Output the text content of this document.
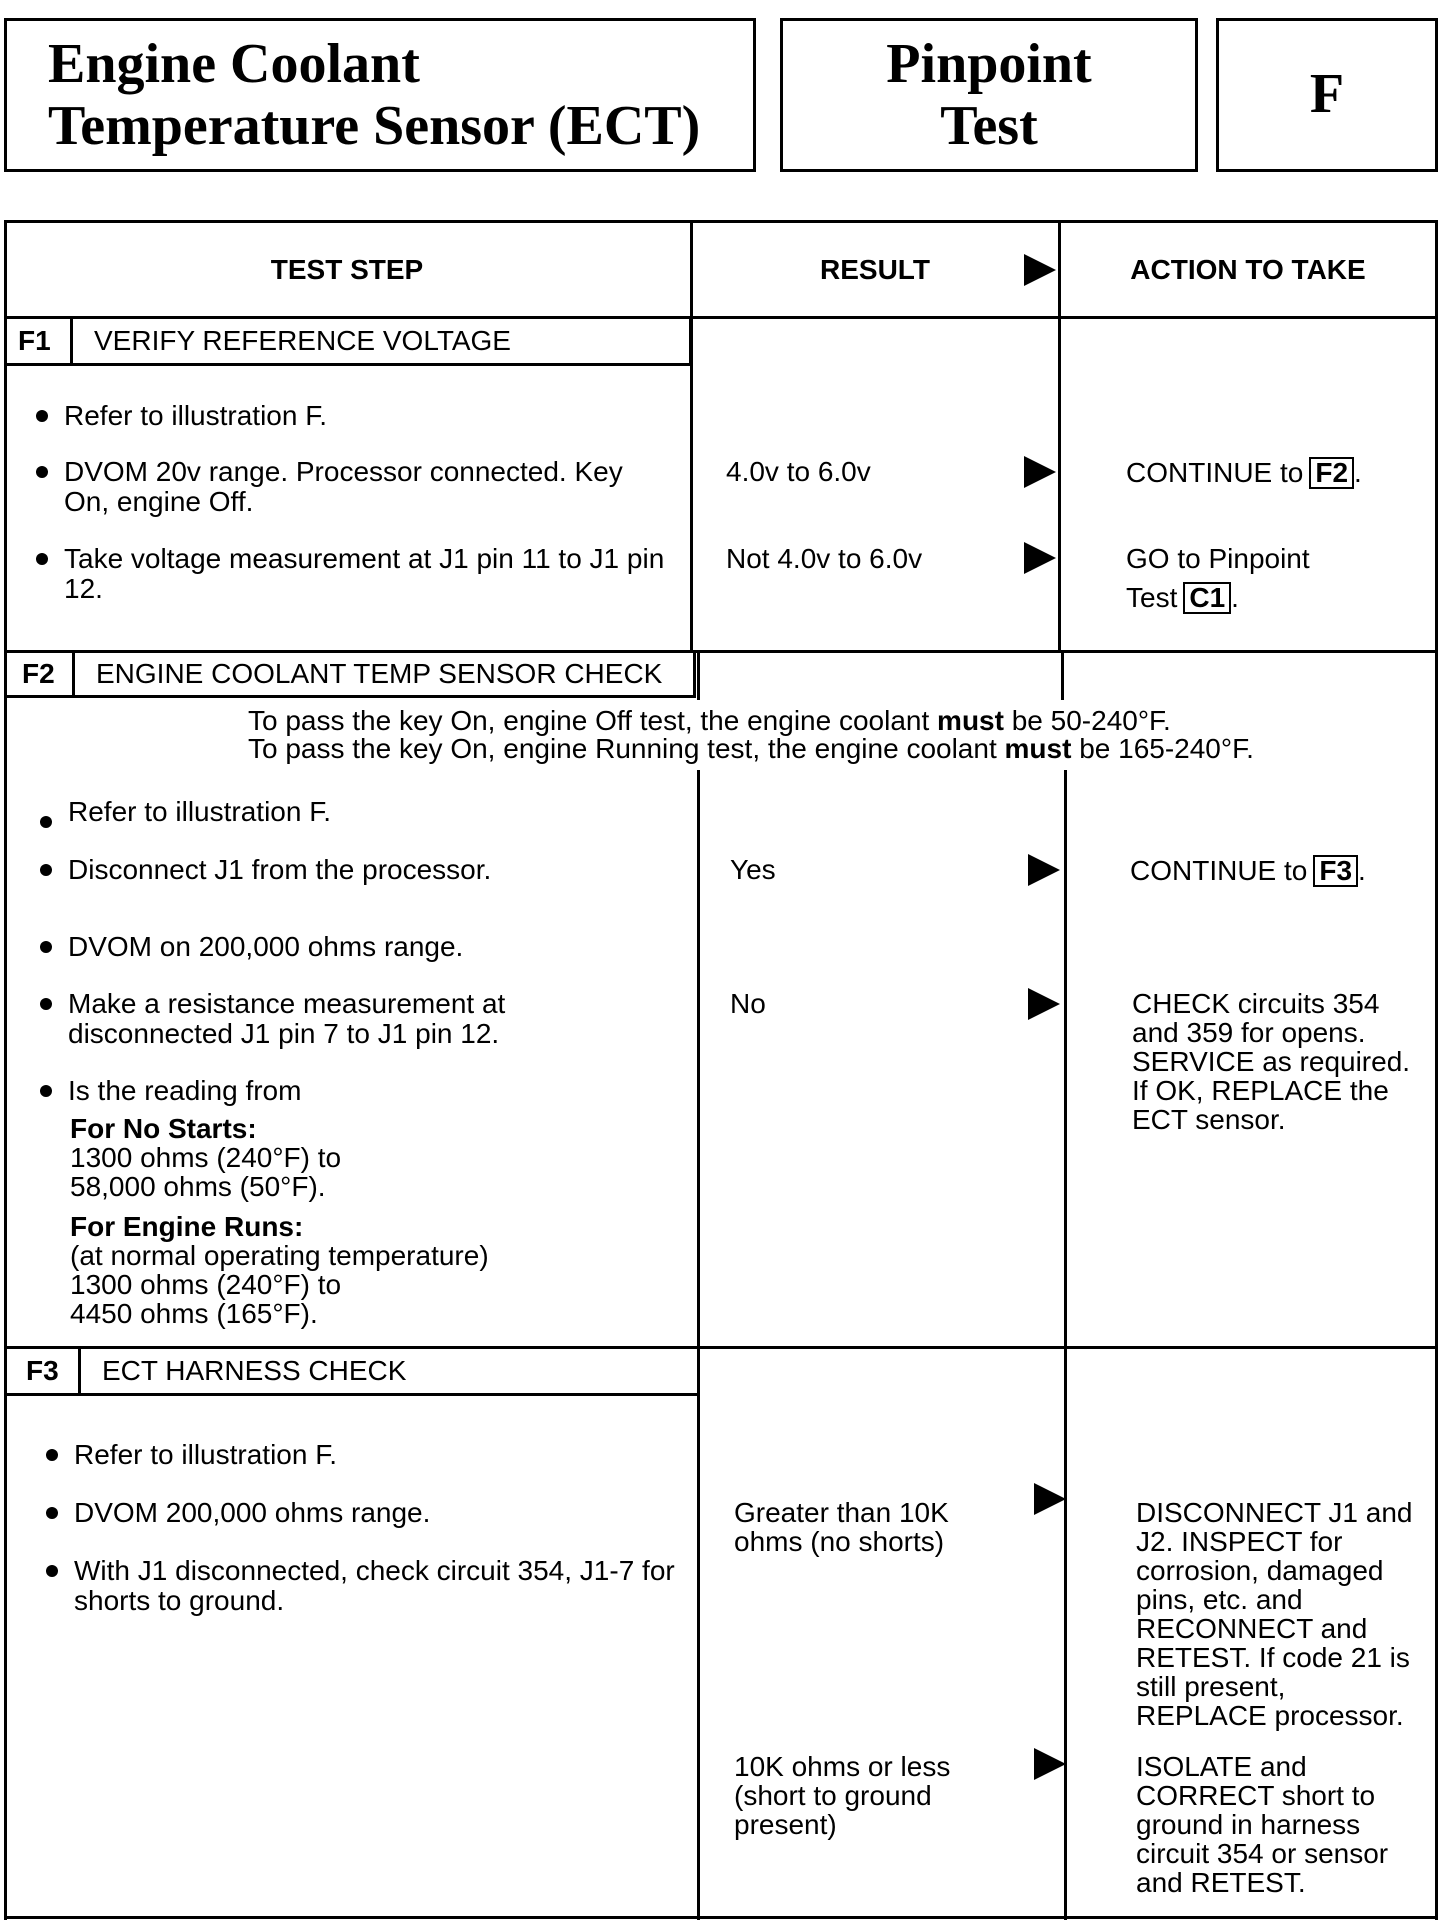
Engine Coolant
Temperature Sensor (ECT)
Pinpoint
Test
F
TEST STEP	RESULT	ACTION TO TAKE
F1 VERIFY REFERENCE VOLTAGE
Refer to illustration F.
DVOM 20v range. Processor connected. Key
On, engine Off.
Take voltage measurement at J1 pin 11 to J1 pin
12.
4.0v to 6.0v
Not 4.0v to 6.0v
CONTINUE to F2 .
GO to Pinpoint
Test C1 .
F2 ENGINE COOLANT TEMP SENSOR CHECK
To pass the key On, engine Off test, the engine coolant must be 50-240°F.
To pass the key On, engine Running test, the engine coolant must be 165-240°F.
Refer to illustration F.
Disconnect J1 from the processor.
DVOM on 200,000 ohms range.
Make a resistance measurement at
disconnected J1 pin 7 to J1 pin 12.
Is the reading from
For No Starts:
1300 ohms (240°F) to
58,000 ohms (50°F).
For Engine Runs:
(at normal operating temperature)
1300 ohms (240°F) to
4450 ohms (165°F).
Yes
No
CONTINUE to F3 .
CHECK circuits 354
and 359 for opens.
SERVICE as required.
If OK, REPLACE the
ECT sensor.
F3 ECT HARNESS CHECK
Refer to illustration F.
DVOM 200,000 ohms range.
With J1 disconnected, check circuit 354, J1-7 for
shorts to ground.
Greater than 10K
ohms (no shorts)
10K ohms or less
(short to ground
present)
DISCONNECT J1 and
J2. INSPECT for
corrosion, damaged
pins, etc. and
RECONNECT and
RETEST. If code 21 is
still present,
REPLACE processor.
ISOLATE and
CORRECT short to
ground in harness
circuit 354 or sensor
and RETEST.
